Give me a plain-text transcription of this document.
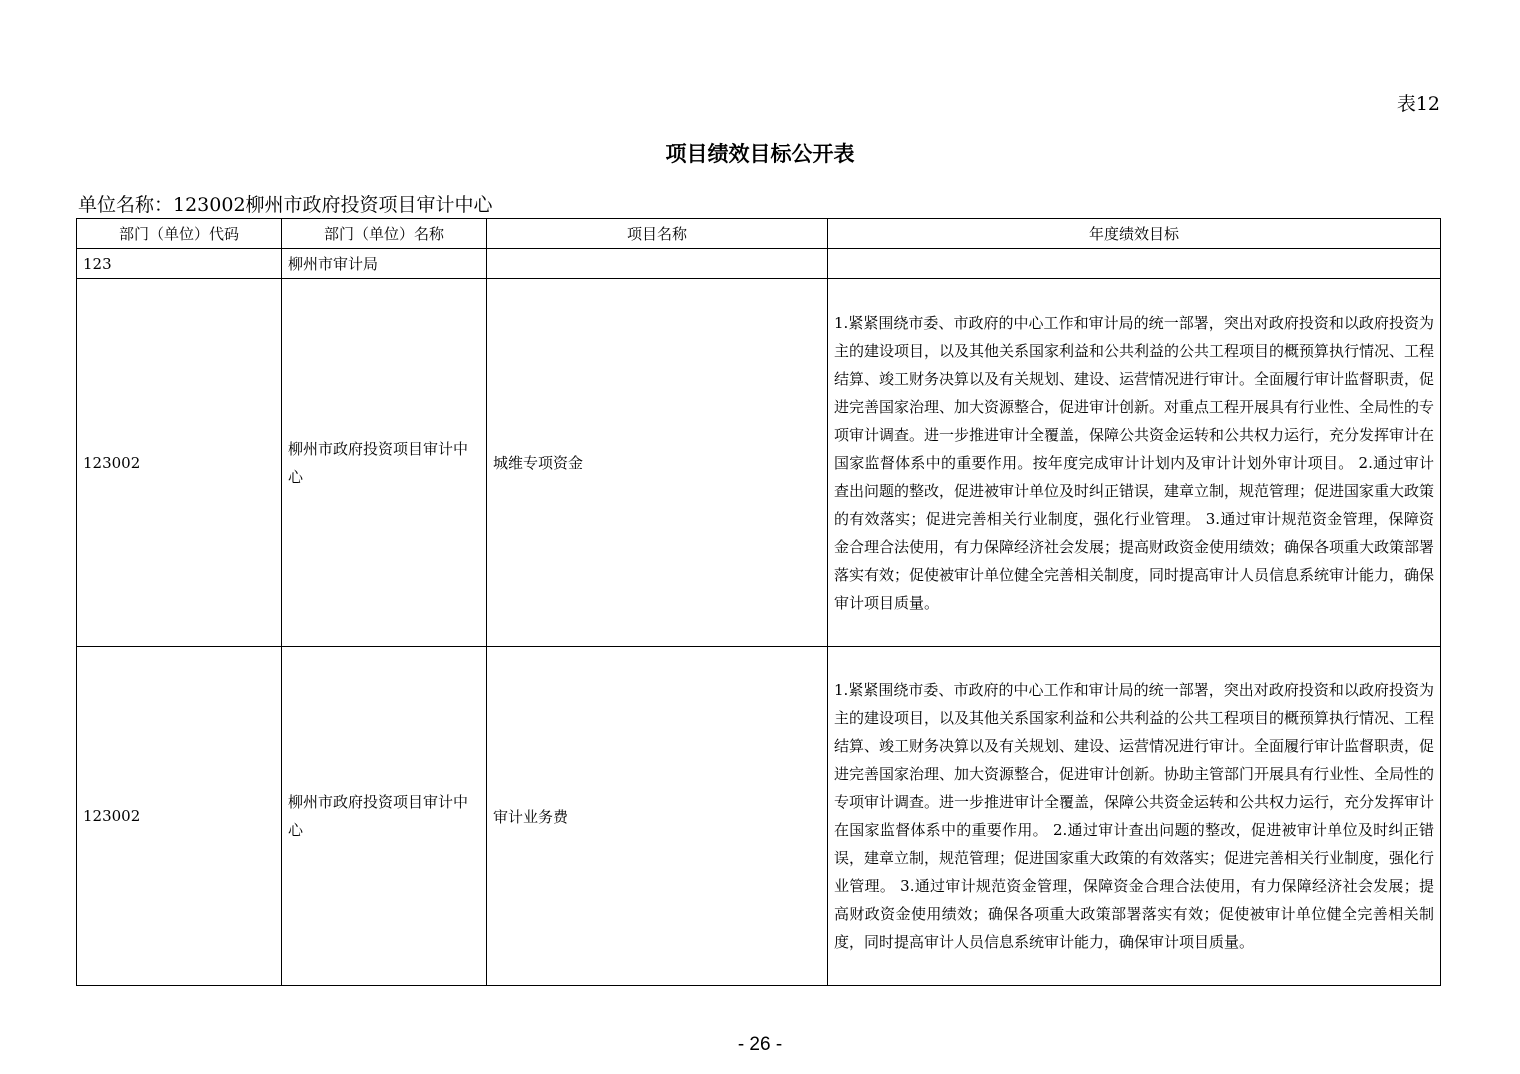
表12
项目绩效目标公开表
单位名称：123002柳州市政府投资项目审计中心
部门（单位）代码	部门（单位）名称	项目名称	年度绩效目标
123	柳州市审计局		
123002	柳州市政府投资项目审计中心	城维专项资金	1.紧紧围绕市委、市政府的中心工作和审计局的统一部署，突出对政府投资和以政府投资为主的建设项目，以及其他关系国家利益和公共利益的公共工程项目的概预算执行情况、工程结算、竣工财务决算以及有关规划、建设、运营情况进行审计。全面履行审计监督职责，促进完善国家治理、加大资源整合，促进审计创新。对重点工程开展具有行业性、全局性的专项审计调查。进一步推进审计全覆盖，保障公共资金运转和公共权力运行，充分发挥审计在国家监督体系中的重要作用。按年度完成审计计划内及审计计划外审计项目。 2.通过审计查出问题的整改，促进被审计单位及时纠正错误，建章立制，规范管理；促进国家重大政策的有效落实；促进完善相关行业制度，强化行业管理。 3.通过审计规范资金管理，保障资金合理合法使用，有力保障经济社会发展；提高财政资金使用绩效；确保各项重大政策部署落实有效；促使被审计单位健全完善相关制度，同时提高审计人员信息系统审计能力，确保审计项目质量。
123002	柳州市政府投资项目审计中心	审计业务费	1.紧紧围绕市委、市政府的中心工作和审计局的统一部署，突出对政府投资和以政府投资为主的建设项目，以及其他关系国家利益和公共利益的公共工程项目的概预算执行情况、工程结算、竣工财务决算以及有关规划、建设、运营情况进行审计。全面履行审计监督职责，促进完善国家治理、加大资源整合，促进审计创新。协助主管部门开展具有行业性、全局性的专项审计调查。进一步推进审计全覆盖，保障公共资金运转和公共权力运行，充分发挥审计在国家监督体系中的重要作用。 2.通过审计查出问题的整改，促进被审计单位及时纠正错误，建章立制，规范管理；促进国家重大政策的有效落实；促进完善相关行业制度，强化行业管理。 3.通过审计规范资金管理，保障资金合理合法使用，有力保障经济社会发展；提高财政资金使用绩效；确保各项重大政策部署落实有效；促使被审计单位健全完善相关制度，同时提高审计人员信息系统审计能力，确保审计项目质量。
- 26 -
